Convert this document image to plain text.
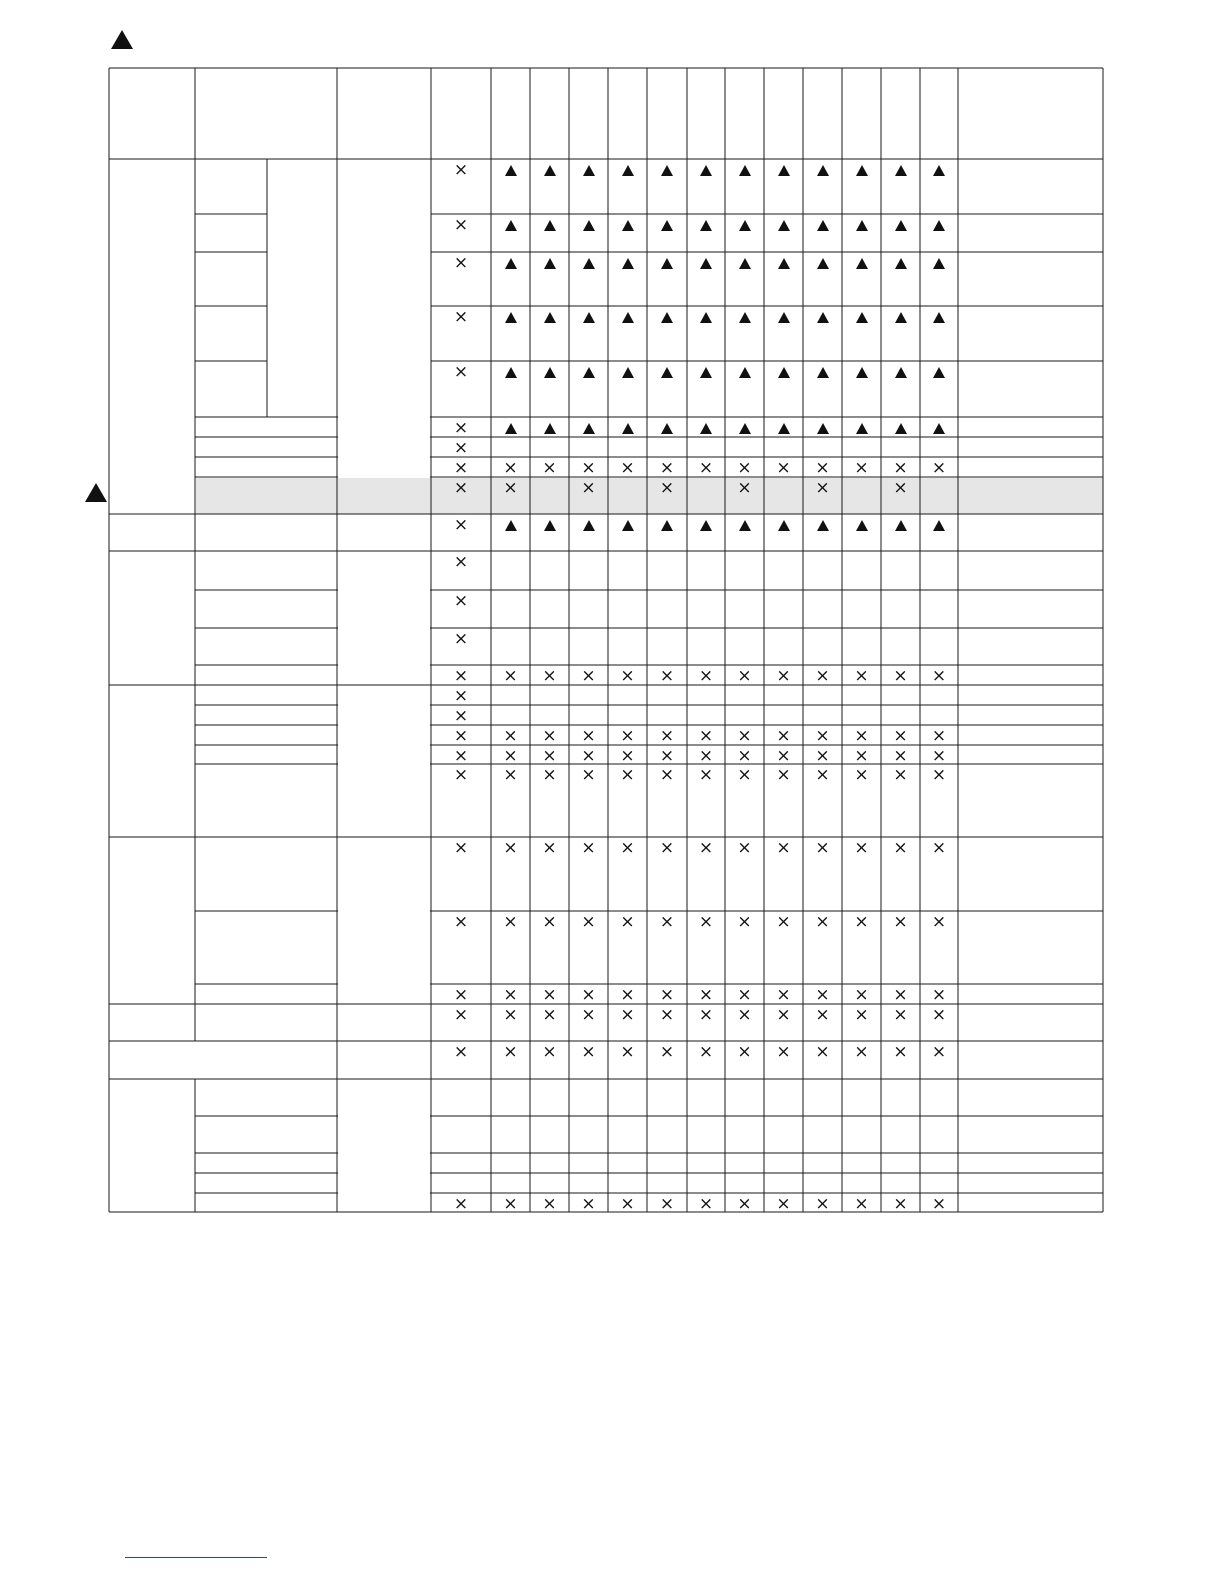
×
×
×
×
×
×
×
×
×
×
×
×
×
×
×
×
×
×
×
×
×
×
×
×
×
×
×
×
×
×
×
×
×
×
×
×
×
×
×
×
×
×
×
×
×
×
×
×
×
×
×
×
×
×
×
×
×
×
×
×
×
×
×
×
×
×
×
×
×
×
×
×
×
×
×
×
×
×
×
×
×
×
×
×
×
×
×
×
×
×
×
×
×
×
×
×
×
×
×
×
×
×
×
×
×
×
×
×
×
×
×
×
×
×
×
×
×
×
×
×
×
×
×
×
×
×
×
×
×
×
×
×
×
×
×
×
×
×
×
×
×
×
×
×
×
×
×
×
×
×
×
×
×
×
×
×
×
×
×
×
×
×
×
